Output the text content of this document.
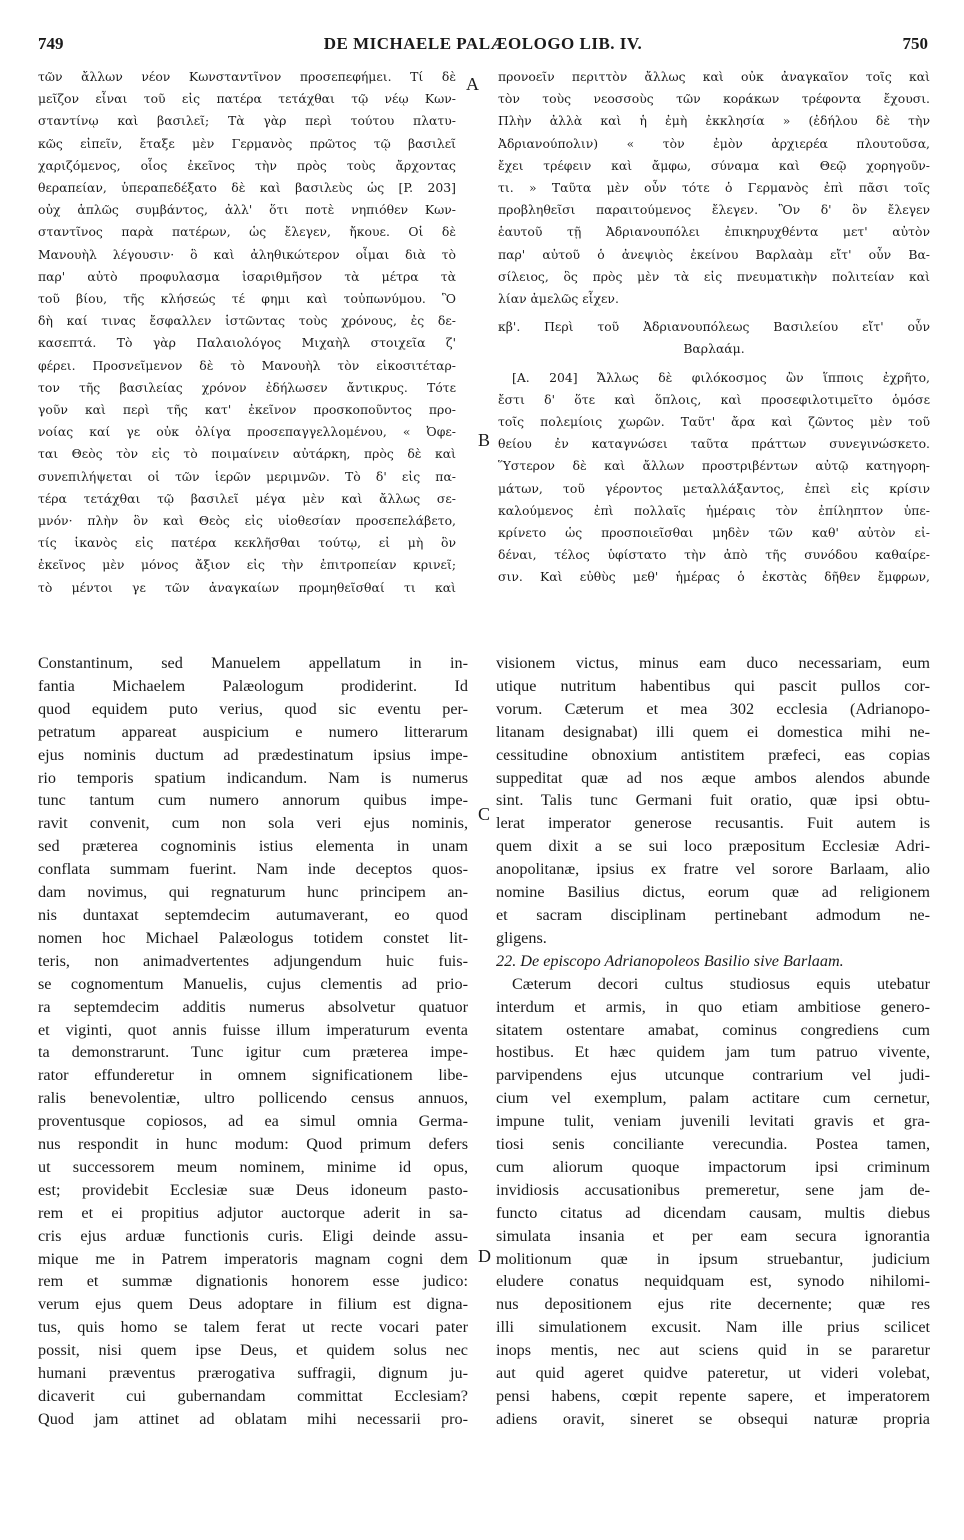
749	DE MICHAELE PALÆOLOGO LIB. IV.	750
A
B
C
D
τῶν ἄλλων νέον Κωνσταντῖνον προσεπεφήμει. Τί δὲ
μεῖζον εἶναι τοῦ εἰς πατέρα τετάχθαι τῷ νέῳ Κων-
σταντίνῳ καὶ βασιλεῖ; Τὰ γὰρ περὶ τούτου πλατυ-
κῶς εἰπεῖν, ἔταξε μὲν Γερμανὸς πρῶτος τῷ βασιλεῖ
χαριζόμενος, οἷος ἐκεῖνος τὴν πρὸς τοὺς ἄρχοντας
θεραπείαν, ὑπεραπεδέξατο δὲ καὶ βασιλεὺς ὡς [P. 203]
οὐχ ἁπλῶς συμβάντος, ἀλλ' ὅτι ποτὲ νηπιόθεν Κων-
σταντῖνος παρὰ πατέρων, ὡς ἔλεγεν, ἤκουε. Οἱ δὲ
Μανουὴλ λέγουσιν· ὃ καὶ ἀληθικώτερον οἶμαι διὰ τὸ
παρ' αὐτὸ προφυλασμα ἰσαριθμῆσον τὰ μέτρα τὰ
τοῦ βίου, τῆς κλήσεώς τέ φημι καὶ τοὐπωνύμου. Ὃ
δὴ καί τινας ἔσφαλλεν ἱστῶντας τοὺς χρόνους, ἐς δε-
κασεπτά. Τὸ γὰρ Παλαιολόγος Μιχαὴλ στοιχεῖα ζ'
φέρει. Προσνεῖμενον δὲ τὸ Μανουὴλ τὸν εἰκοσιτέταρ-
τον τῆς βασιλείας χρόνον ἐδήλωσεν ἄντικρυς. Τότε
γοῦν καὶ περὶ τῆς κατ' ἐκεῖνον προσκοποῦντος προ-
νοίας καί γε οὐκ ὀλίγα προσεπαγγελλομένου, « Ὀφε-
ται Θεὸς τὸν εἰς τὸ ποιμαίνειν αὐτάρκη, πρὸς δὲ καὶ
συνεπιλήψεται οἱ τῶν ἱερῶν μεριμνῶν. Τὸ δ' εἰς πα-
τέρα τετάχθαι τῷ βασιλεῖ μέγα μὲν καὶ ἄλλως σε-
μνόν· πλὴν ὃν καὶ Θεὸς εἰς υἱοθεσίαν προσεπελάβετο,
τίς ἱκανὸς εἰς πατέρα κεκλῆσθαι τούτῳ, εἰ μὴ ὃν
ἐκεῖνος μὲν μόνος ἄξιον εἰς τὴν ἐπιτροπείαν κρινεῖ;
τὸ μέντοι γε τῶν ἀναγκαίων προμηθεῖσθαί τι καὶ
προνοεῖν περιττὸν ἄλλως καὶ οὐκ ἀναγκαῖον τοῖς καὶ
τὸν τοὺς νεοσσοὺς τῶν κοράκων τρέφοντα ἔχουσι.
Πλὴν ἀλλὰ καὶ ἡ ἐμὴ ἐκκλησία » (ἐδήλου δὲ τὴν
Ἀδριανούπολιν) « τὸν ἐμὸν ἀρχιερέα πλουτοῦσα,
ἔχει τρέφειν καὶ ἄμφω, σύναμα καὶ Θεῷ χορηγοῦν-
τι. » Ταῦτα μὲν οὖν τότε ὁ Γερμανὸς ἐπὶ πᾶσι τοῖς
προβληθεῖσι παραιτούμενος ἔλεγεν. Ὃν δ' ὃν ἔλεγεν
ἑαυτοῦ τῇ Ἀδριανουπόλει ἐπικηρυχθέντα μετ' αὐτὸν
παρ' αὐτοῦ ὁ ἀνεψιὸς ἐκείνου Βαρλαὰμ εἴτ' οὖν Βα-
σίλειος, ὃς πρὸς μὲν τὰ εἰς πνευματικὴν πολιτείαν καὶ
λίαν ἀμελῶς εἶχεν.
κβ'. Περὶ τοῦ Ἀδριανουπόλεως Βασιλείου εἴτ' οὖν
Βαρλαάμ.
[A. 204] Ἄλλως δὲ φιλόκοσμος ὢν ἵπποις ἐχρῆτο,
ἔστι δ' ὅτε καὶ ὅπλοις, καὶ προσεφιλοτιμεῖτο ὁμόσε
τοῖς πολεμίοις χωρῶν. Ταῦτ' ἄρα καὶ ζῶντος μὲν τοῦ
θείου ἐν καταγνώσει ταῦτα πράττων συνεγινώσκετο.
Ὕστερον δὲ καὶ ἄλλων προστριβέντων αὐτῷ κατηγορη-
μάτων, τοῦ γέροντος μεταλλάξαντος, ἐπεὶ εἰς κρίσιν
καλούμενος ἐπὶ πολλαῖς ἡμέραις τὸν ἐπίληπτον ὑπε-
κρίνετο ὡς προσποιεῖσθαι μηδὲν τῶν καθ' αὐτὸν εἰ-
δέναι, τέλος ὑφίστατο τὴν ἀπὸ τῆς συνόδου καθαίρε-
σιν. Καὶ εὐθὺς μεθ' ἡμέρας ὁ ἐκστὰς δῆθεν ἔμφρων,
Constantinum, sed Manuelem appellatum in in-
fantia Michaelem Palæologum prodiderint. Id
quod equidem puto verius, quod sic eventu per-
petratum appareat auspicium e numero litterarum
ejus nominis ductum ad prædestinatum ipsius impe-
rio temporis spatium indicandum. Nam is numerus
tunc tantum cum numero annorum quibus impe-
ravit convenit, cum non sola veri ejus nominis,
sed præterea cognominis istius elementa in unam
conflata summam fuerint. Nam inde deceptos quos-
dam novimus, qui regnaturum hunc principem an-
nis duntaxat septemdecim autumaverant, eo quod
nomen hoc Michael Palæologus totidem constet lit-
teris, non animadvertentes adjungendum huic fuis-
se cognomentum Manuelis, cujus clementis ad prio-
ra septemdecim additis numerus absolvetur quatuor
et viginti, quot annis fuisse illum imperaturum eventa
ta demonstrarunt. Tunc igitur cum præterea impe-
rator effunderetur in omnem significationem libe-
ralis benevolentiæ, ultro pollicendo census annuos,
proventusque copiosos, ad ea simul omnia Germa-
nus respondit in hunc modum: Quod primum defers
ut successorem meum nominem, minime id opus,
est; providebit Ecclesiæ suæ Deus idoneum pasto-
rem et ei propitius adjutor auctorque aderit in sa-
cris ejus arduæ functionis curis. Eligi deinde assu-
mique me in Patrem imperatoris magnam cogni dem
rem et summæ dignationis honorem esse judico:
verum ejus quem Deus adoptare in filium est digna-
tus, quis homo se talem ferat ut recte vocari pater
possit, nisi quem ipse Deus, et quidem solus nec
humani præventus prærogativa suffragii, dignum ju-
dicaverit cui gubernandam committat Ecclesiam?
Quod jam attinet ad oblatam mihi necessarii pro-
visionem victus, minus eam duco necessariam, eum
utique nutritum habentibus qui pascit pullos cor-
vorum. Cæterum et mea 302 ecclesia (Adrianopo-
litanam designabat) illi quem ei domestica mihi ne-
cessitudine obnoxium antistitem præfeci, eas copias
suppeditat quæ ad nos æque ambos alendos abunde
sint. Talis tunc Germani fuit oratio, quæ ipsi obtu-
lerat imperator generose recusantis. Fuit autem is
quem dixit a se sui loco præpositum Ecclesiæ Adri-
anopolitanæ, ipsius ex fratre vel sorore Barlaam, alio
nomine Basilius dictus, eorum quæ ad religionem
et sacram disciplinam pertinebant admodum ne-
gligens.
22. De episcopo Adrianopoleos Basilio sive Barlaam.
Cæterum decori cultus studiosus equis utebatur
interdum et armis, in quo etiam ambitiose genero-
sitatem ostentare amabat, cominus congrediens cum
hostibus. Et hæc quidem jam tum patruo vivente,
parvipendens ejus utcunque contrarium vel judi-
cium vel exemplum, palam actitare cum cernetur,
impune tulit, veniam juvenili levitati gravis et gra-
tiosi senis conciliante verecundia. Postea tamen,
cum aliorum quoque impactorum ipsi criminum
invidiosis accusationibus premeretur, sene jam de-
functo citatus ad dicendam causam, multis diebus
simulata insania et per eam secura ignorantia
molitionum quæ in ipsum struebantur, judicium
eludere conatus nequidquam est, synodo nihilomi-
nus depositionem ejus rite decernente; quæ res
illi simulationem excusit. Nam ille prius scilicet
inops mentis, nec aut sciens quid in se pararetur
aut quid ageret quidve pateretur, ut videri volebat,
pensi habens, cœpit repente sapere, et imperatorem
adiens oravit, sineret se obsequi naturæ propria
